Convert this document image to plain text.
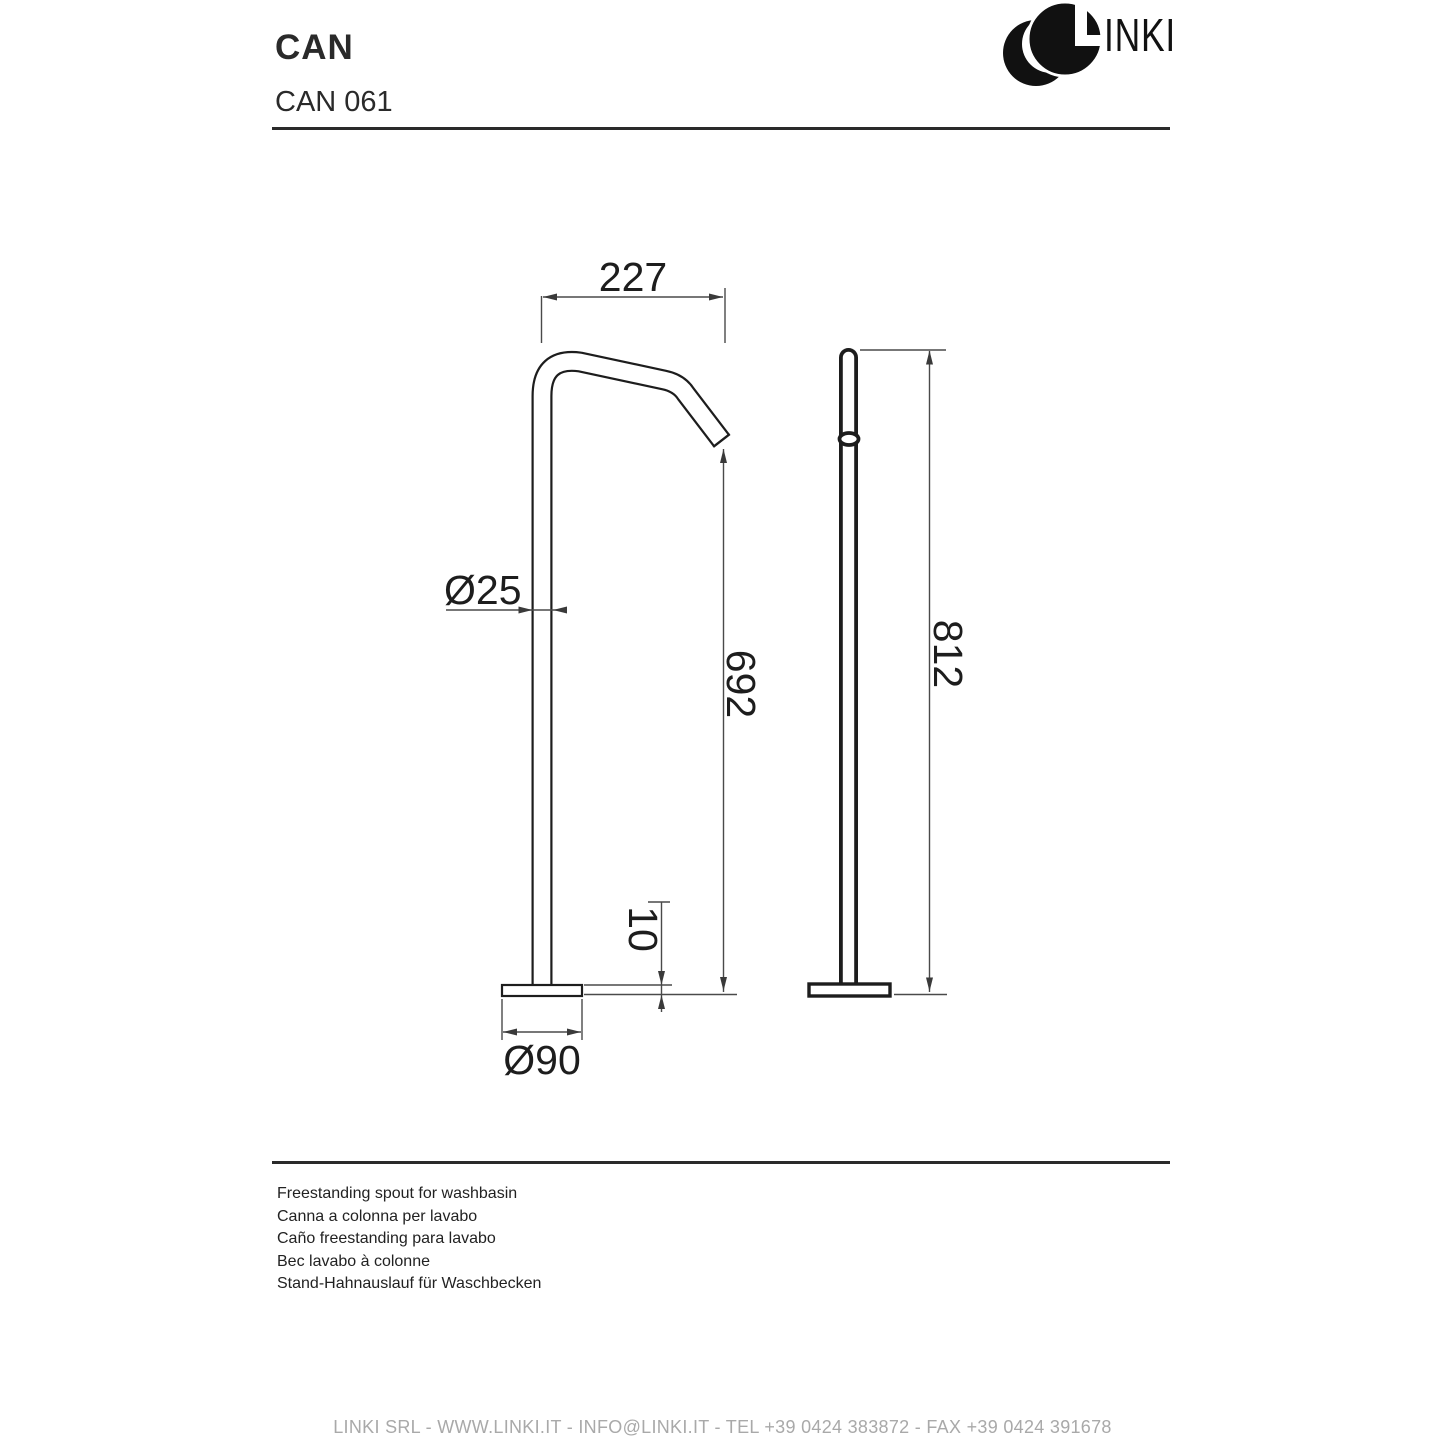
CAN
CAN 061
INKI
227
Ø25
692
10
Ø90
812
Freestanding spout for washbasin
Canna a colonna per lavabo
Caño freestanding para lavabo
Bec lavabo à colonne
Stand-Hahnauslauf für Waschbecken
LINKI SRL - WWW.LINKI.IT - INFO@LINKI.IT - TEL +39 0424 383872 - FAX +39 0424 391678
